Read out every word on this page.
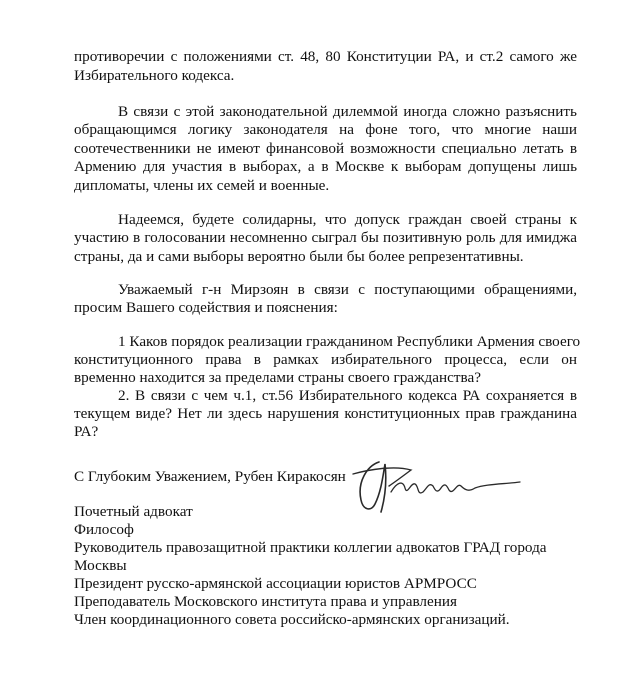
противоречии с положениями ст. 48, 80 Конституции РА, и ст.2 самого же
Избирательного кодекса.
В связи с этой законодательной дилеммой иногда сложно разъяснить
обращающимся логику законодателя на фоне того, что многие наши
соотечественники не имеют финансовой возможности специально летать в
Армению для участия в выборах, а в Москве к выборам допущены лишь
дипломаты, члены их семей и военные.
Надеемся, будете солидарны, что допуск граждан своей страны к
участию в голосовании несомненно сыграл бы позитивную роль для имиджа
страны, да и сами выборы вероятно были бы более репрезентативны.
Уважаемый г-н Мирзоян в связи с поступающими обращениями,
просим Вашего содействия и пояснения:
1 Каков порядок реализации гражданином Республики Армения своего
конституционного права в рамках избирательного процесса, если он
временно находится за пределами страны своего гражданства?
2. В связи с чем ч.1, ст.56 Избирательного кодекса РА сохраняется в
текущем виде? Нет ли здесь нарушения конституционных прав гражданина
РА?
С Глубоким Уважением, Рубен Киракосян
Почетный адвокат
Философ
Руководитель правозащитной практики коллегии адвокатов ГРАД города
Москвы
Президент русско-армянской ассоциации юристов АРМРОСС
Преподаватель Московского института права и управления
Член координационного совета российско-армянских организаций.
